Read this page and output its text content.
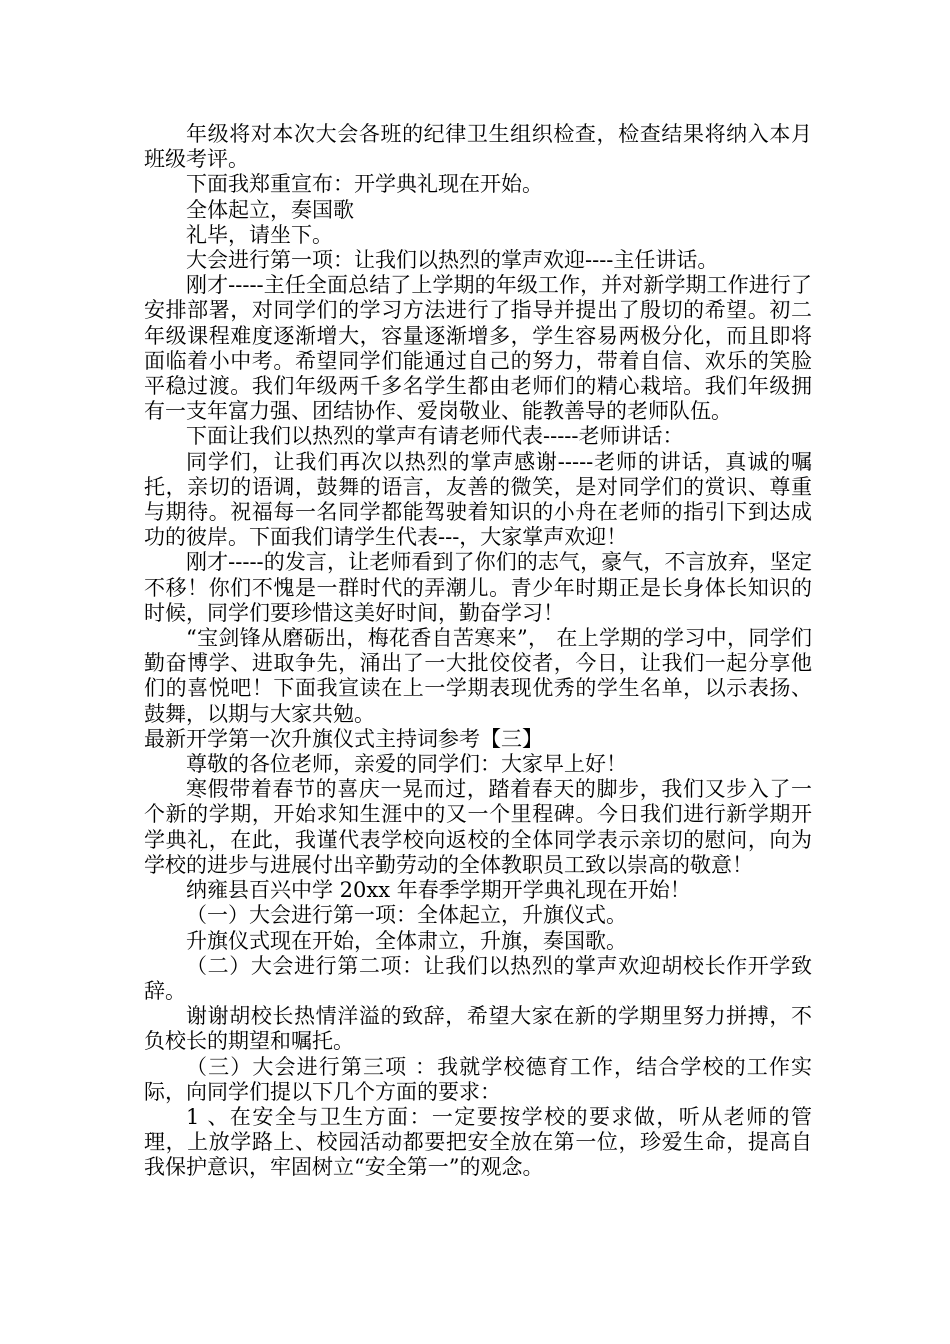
年级将对本次大会各班的纪律卫生组织检查，检查结果将纳入本月班级考评。

下面我郑重宣布：开学典礼现在开始。

全体起立，奏国歌

礼毕，请坐下。

大会进行第一项：让我们以热烈的掌声欢迎----主任讲话。

刚才-----主任全面总结了上学期的年级工作，并对新学期工作进行了安排部署，对同学们的学习方法进行了指导并提出了殷切的希望。初二年级课程难度逐渐增大，容量逐渐增多，学生容易两极分化，而且即将面临着小中考。希望同学们能通过自己的努力，带着自信、欢乐的笑脸平稳过渡。我们年级两千多名学生都由老师们的精心栽培。我们年级拥有一支年富力强、团结协作、爱岗敬业、能教善导的老师队伍。

下面让我们以热烈的掌声有请老师代表-----老师讲话：

同学们，让我们再次以热烈的掌声感谢-----老师的讲话，真诚的嘱托，亲切的语调，鼓舞的语言，友善的微笑，是对同学们的赏识、尊重与期待。祝福每一名同学都能驾驶着知识的小舟在老师的指引下到达成功的彼岸。下面我们请学生代表---，大家掌声欢迎！

刚才-----的发言，让老师看到了你们的志气，豪气，不言放弃，坚定不移！你们不愧是一群时代的弄潮儿。青少年时期正是长身体长知识的时候，同学们要珍惜这美好时间，勤奋学习！

“宝剑锋从磨砺出，梅花香自苦寒来”， 在上学期的学习中，同学们勤奋博学、进取争先，涌出了一大批佼佼者，今日，让我们一起分享他们的喜悦吧！下面我宣读在上一学期表现优秀的学生名单，以示表扬、鼓舞，以期与大家共勉。

最新开学第一次升旗仪式主持词参考【三】

尊敬的各位老师，亲爱的同学们：大家早上好！

寒假带着春节的喜庆一晃而过，踏着春天的脚步，我们又步入了一个新的学期，开始求知生涯中的又一个里程碑。今日我们进行新学期开学典礼，在此，我谨代表学校向返校的全体同学表示亲切的慰问，向为学校的进步与进展付出辛勤劳动的全体教职员工致以崇高的敬意！

纳雍县百兴中学 20xx 年春季学期开学典礼现在开始！

（一）大会进行第一项：全体起立，升旗仪式。

升旗仪式现在开始，全体肃立，升旗，奏国歌。

（二）大会进行第二项：让我们以热烈的掌声欢迎胡校长作开学致辞。

谢谢胡校长热情洋溢的致辞，希望大家在新的学期里努力拼搏，不负校长的期望和嘱托。

（三）大会进行第三项 ：我就学校德育工作，结合学校的工作实际，向同学们提以下几个方面的要求：

1 、在安全与卫生方面：一定要按学校的要求做，听从老师的管理，上放学路上、校园活动都要把安全放在第一位，珍爱生命，提高自我保护意识，牢固树立“安全第一”的观念。
